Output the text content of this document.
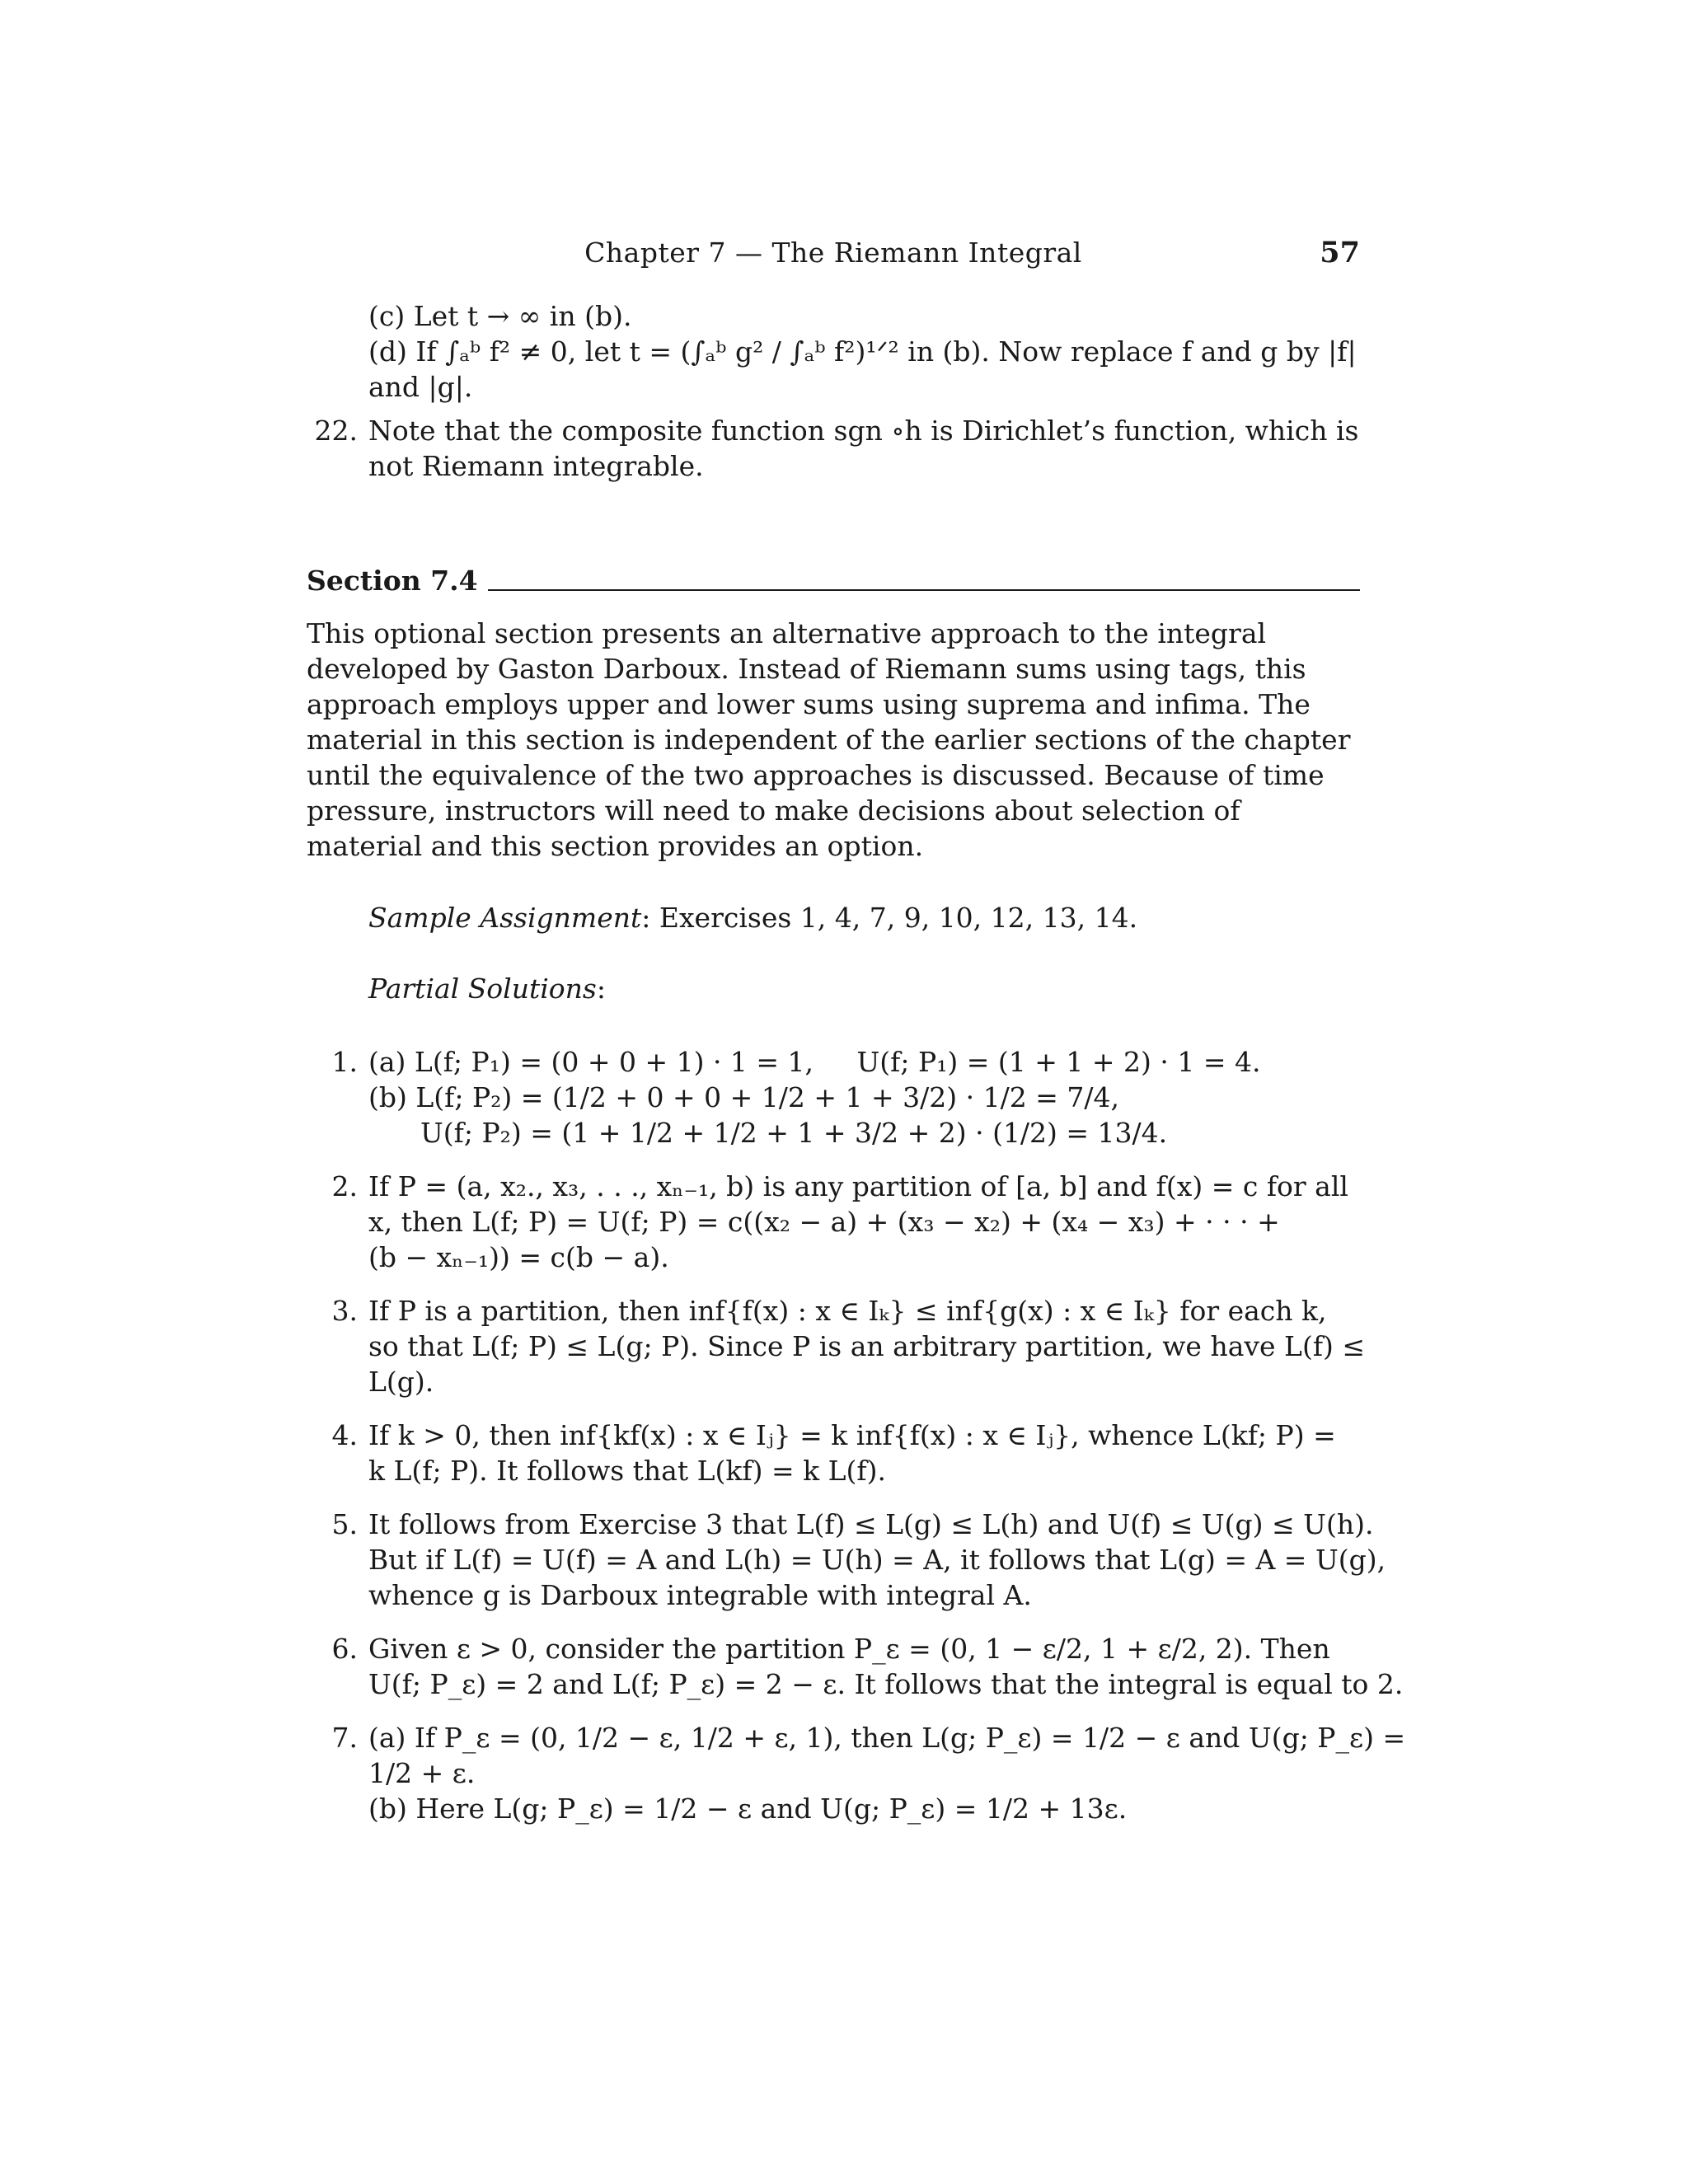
Chapter 7 — The Riemann Integral	57
(c) Let t → ∞ in (b).
(d) If ∫ₐᵇ f² ≠ 0, let t = (∫ₐᵇ g² / ∫ₐᵇ f²)¹ᐟ² in (b). Now replace f and g by |f|
and |g|.
22. Note that the composite function sgn ∘h is Dirichlet’s function, which is not Riemann integrable.

Section 7.4

This optional section presents an alternative approach to the integral developed by Gaston Darboux. Instead of Riemann sums using tags, this approach employs upper and lower sums using suprema and infima. The material in this section is independent of the earlier sections of the chapter until the equivalence of the two approaches is discussed. Because of time pressure, instructors will need to make decisions about selection of material and this section provides an option.

Sample Assignment: Exercises 1, 4, 7, 9, 10, 12, 13, 14.
Partial Solutions:
1. (a) L(f; P₁) = (0 + 0 + 1) · 1 = 1,     U(f; P₁) = (1 + 1 + 2) · 1 = 4.
(b) L(f; P₂) = (1/2 + 0 + 0 + 1/2 + 1 + 3/2) · 1/2 = 7/4,
U(f; P₂) = (1 + 1/2 + 1/2 + 1 + 3/2 + 2) · (1/2) = 13/4.
2. If P = (a, x₂., x₃, . . ., xₙ₋₁, b) is any partition of [a, b] and f(x) = c for all
x, then L(f; P) = U(f; P) = c((x₂ − a) + (x₃ − x₂) + (x₄ − x₃) + · · · +
(b − xₙ₋₁)) = c(b − a).
3. If P is a partition, then inf{f(x) : x ∈ Iₖ} ≤ inf{g(x) : x ∈ Iₖ} for each k,
so that L(f; P) ≤ L(g; P). Since P is an arbitrary partition, we have L(f) ≤
L(g).
4. If k > 0, then inf{kf(x) : x ∈ Iⱼ} = k inf{f(x) : x ∈ Iⱼ}, whence L(kf; P) =
k L(f; P). It follows that L(kf) = k L(f).
5. It follows from Exercise 3 that L(f) ≤ L(g) ≤ L(h) and U(f) ≤ U(g) ≤ U(h).
But if L(f) = U(f) = A and L(h) = U(h) = A, it follows that L(g) = A = U(g),
whence g is Darboux integrable with integral A.
6. Given ε > 0, consider the partition P_ε = (0, 1 − ε/2, 1 + ε/2, 2). Then
U(f; P_ε) = 2 and L(f; P_ε) = 2 − ε. It follows that the integral is equal to 2.
7. (a) If P_ε = (0, 1/2 − ε, 1/2 + ε, 1), then L(g; P_ε) = 1/2 − ε and U(g; P_ε) =
1/2 + ε.
(b) Here L(g; P_ε) = 1/2 − ε and U(g; P_ε) = 1/2 + 13ε.
